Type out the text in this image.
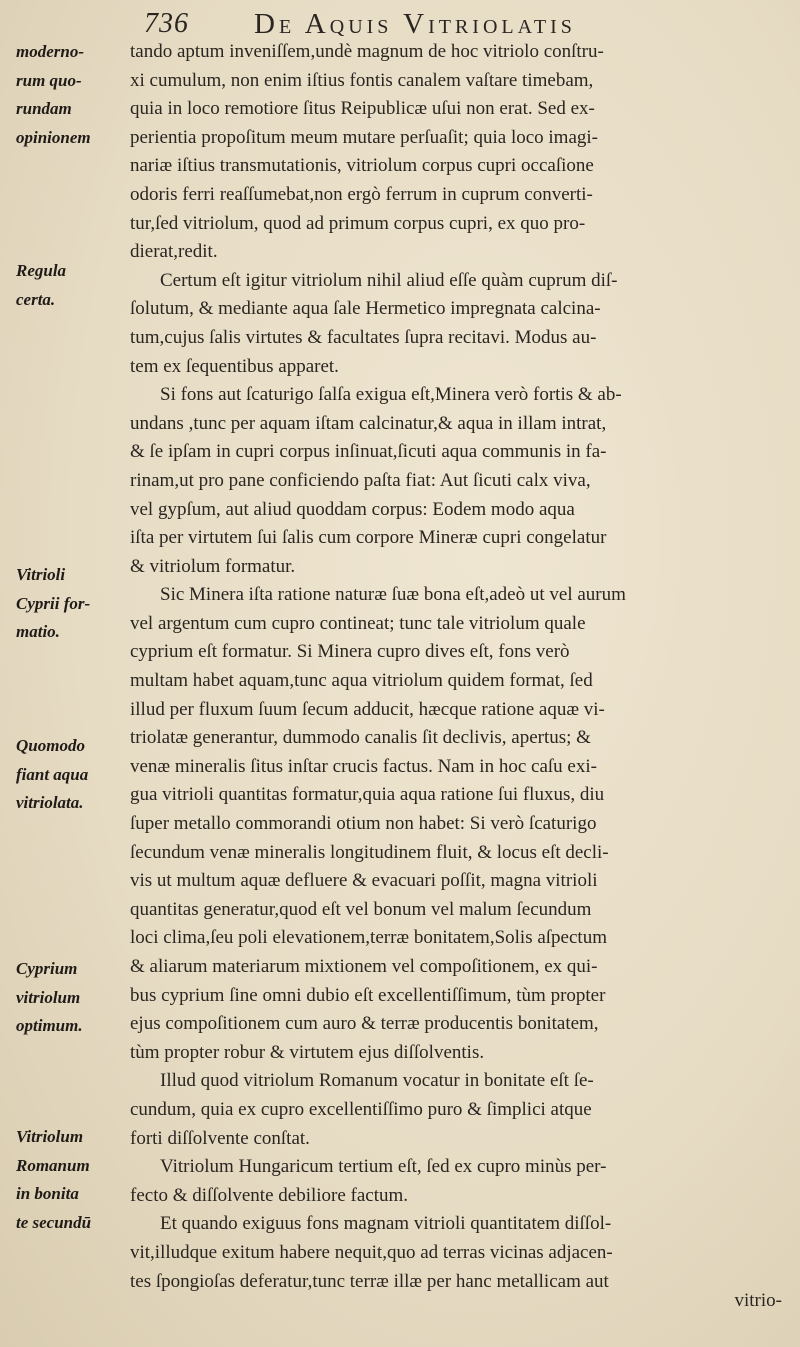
736 De Aquis Vitriolatis
moderno-
rum quo-
rundam
opinionem
Regula
certa.
Vitrioli
Cyprii for-
matio.
Quomodo
fiant aqua
vitriolata.
Cyprium
vitriolum
optimum.
Vitriolum
Romanum
in bonita
te secundū
tando aptum inveniſſem,undè magnum de hoc vitriolo conſtru-
xi cumulum, non enim iſtius fontis canalem vaſtare timebam,
quia in loco remotiore ſitus Reipublicæ uſui non erat. Sed ex-
perientia propoſitum meum mutare perſuaſit; quia loco imagi-
nariæ iſtius transmutationis, vitriolum corpus cupri occaſione
odoris ferri reaſſumebat,non ergò ferrum in cuprum converti-
tur,ſed vitriolum, quod ad primum corpus cupri, ex quo pro-
dierat,redit.
Certum eſt igitur vitriolum nihil aliud eſſe quàm cuprum diſ-
ſolutum, & mediante aqua ſale Hermetico impregnata calcina-
tum,cujus ſalis virtutes & facultates ſupra recitavi. Modus au-
tem ex ſequentibus apparet.
Si fons aut ſcaturigo ſalſa exigua eſt,Minera verò fortis & ab-
undans ,tunc per aquam iſtam calcinatur,& aqua in illam intrat,
& ſe ipſam in cupri corpus inſinuat,ſicuti aqua communis in fa-
rinam,ut pro pane conficiendo paſta fiat: Aut ſicuti calx viva,
vel gypſum, aut aliud quoddam corpus: Eodem modo aqua
iſta per virtutem ſui ſalis cum corpore Mineræ cupri congelatur
& vitriolum formatur.
Sic Minera iſta ratione naturæ ſuæ bona eſt,adeò ut vel aurum
vel argentum cum cupro contineat; tunc tale vitriolum quale
cyprium eſt formatur. Si Minera cupro dives eſt, fons verò
multam habet aquam,tunc aqua vitriolum quidem format, ſed
illud per fluxum ſuum ſecum adducit, hæcque ratione aquæ vi-
triolatæ generantur, dummodo canalis ſit declivis, apertus; &
venæ mineralis ſitus inſtar crucis factus. Nam in hoc caſu exi-
gua vitrioli quantitas formatur,quia aqua ratione ſui fluxus, diu
ſuper metallo commorandi otium non habet: Si verò ſcaturigo
ſecundum venæ mineralis longitudinem fluit, & locus eſt decli-
vis ut multum aquæ defluere & evacuari poſſit, magna vitrioli
quantitas generatur,quod eſt vel bonum vel malum ſecundum
loci clima,ſeu poli elevationem,terræ bonitatem,Solis aſpectum
& aliarum materiarum mixtionem vel compoſitionem, ex qui-
bus cyprium ſine omni dubio eſt excellentiſſimum, tùm propter
ejus compoſitionem cum auro & terræ producentis bonitatem,
tùm propter robur & virtutem ejus diſſolventis.
Illud quod vitriolum Romanum vocatur in bonitate eſt ſe-
cundum, quia ex cupro excellentiſſimo puro & ſimplici atque
forti diſſolvente conſtat.
Vitriolum Hungaricum tertium eſt, ſed ex cupro minùs per-
fecto & diſſolvente debiliore factum.
Et quando exiguus fons magnam vitrioli quantitatem diſſol-
vit,illudque exitum habere nequit,quo ad terras vicinas adjacen-
tes ſpongioſas deferatur,tunc terræ illæ per hanc metallicam aut
vitrio-
